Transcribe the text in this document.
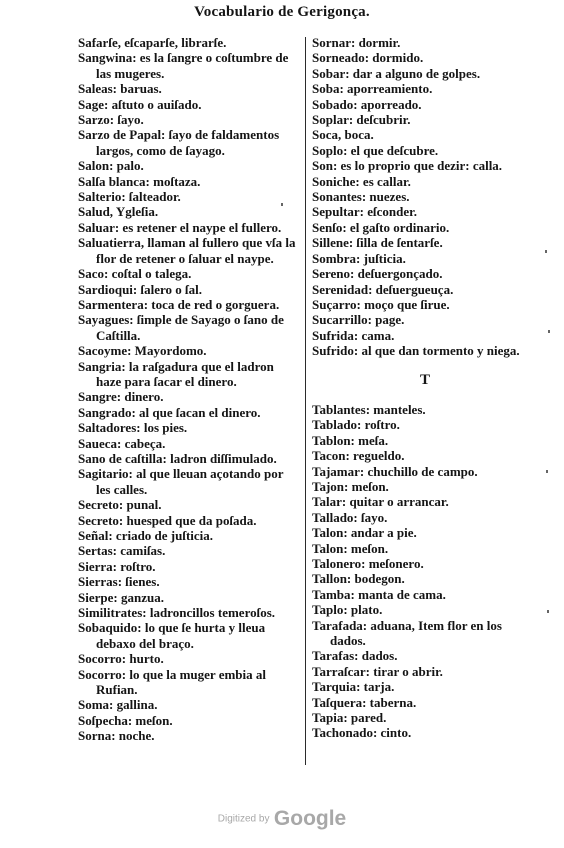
Vocabulario de Gerigonça.
Safarſe, eſcaparſe, librarſe.
Sangwina: es la ſangre o coſtumbre de las mugeres.
Saleas: baruas.
Sage: aſtuto o auiſado.
Sarzo: ſayo.
Sarzo de Papal: ſayo de faldamentos largos, como de ſayago.
Salon: palo.
Salſa blanca: moſtaza.
Salterio: ſalteador.
Salud, Ygleſia.
Saluar: es retener el naype el fullero.
Saluatierra, llaman al fullero que vſa la flor de retener o ſaluar el naype.
Saco: coſtal o talega.
Sardioqui: ſalero o ſal.
Sarmentera: toca de red o gorguera.
Sayagues: ſimple de Sayago o ſano de Caſtilla.
Sacoyme: Mayordomo.
Sangria: la raſgadura que el ladron haze para ſacar el dinero.
Sangre: dinero.
Sangrado: al que ſacan el dinero.
Saltadores: los pies.
Saueca: cabeça.
Sano de caſtilla: ladron diſſimulado.
Sagitario: al que lleuan açotando por les calles.
Secreto: punal.
Secreto: huesped que da poſada.
Señal: criado de juſticia.
Sertas: camiſas.
Sierra: roſtro.
Sierras: ſienes.
Sierpe: ganzua.
Similitrates: ladroncillos temeroſos.
Sobaquido: lo que ſe hurta y lleua debaxo del braço.
Socorro: hurto.
Socorro: lo que la muger embia al Rufian.
Soma: gallina.
Soſpecha: meſon.
Sorna: noche.
Sornar: dormir.
Sorneado: dormido.
Sobar: dar a alguno de golpes.
Soba: aporreamiento.
Sobado: aporreado.
Soplar: deſcubrir.
Soca, boca.
Soplo: el que deſcubre.
Son: es lo proprio que dezir: calla.
Soniche: es callar.
Sonantes: nuezes.
Sepultar: eſconder.
Senſo: el gaſto ordinario.
Sillene: ſilla de ſentarſe.
Sombra: juſticia.
Sereno: deſuergonçado.
Serenidad: deſuergueuça.
Suçarro: moço que ſirue.
Sucarrillo: page.
Sufrida: cama.
Sufrido: al que dan tormento y niega.
T
Tablantes: manteles.
Tablado: roſtro.
Tablon: meſa.
Tacon: regueldo.
Tajamar: chuchillo de campo.
Tajon: meſon.
Talar: quitar o arrancar.
Tallado: ſayo.
Talon: andar a pie.
Talon: meſon.
Talonero: meſonero.
Tallon: bodegon.
Tamba: manta de cama.
Taplo: plato.
Tarafada: aduana, Item flor en los dados.
Tarafas: dados.
Tarraſcar: tirar o abrir.
Tarquia: tarja.
Taſquera: taberna.
Tapia: pared.
Tachonado: cinto.
Digitized by Google
